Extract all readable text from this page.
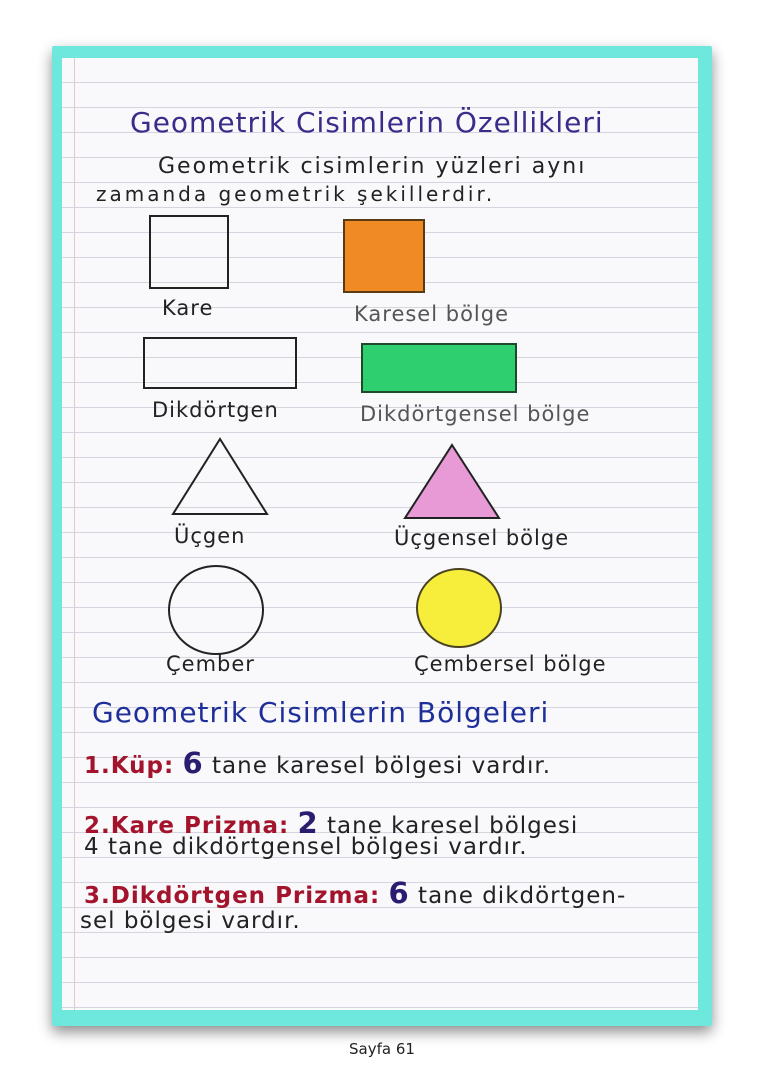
Geometrik Cisimlerin Özellikleri
Geometrik cisimlerin yüzleri aynı
zamanda geometrik şekillerdir.
Kare	Karesel bölge
Dikdörtgen	Dikdörtgensel bölge
Üçgen	Üçgensel bölge
Çember	Çembersel bölge
Geometrik Cisimlerin Bölgeleri
1.Küp: 6 tane karesel bölgesi vardır.
2.Kare Prizma: 2 tane karesel bölgesi
4 tane dikdörtgensel bölgesi vardır.
3.Dikdörtgen Prizma: 6 tane dikdörtgen-
sel bölgesi vardır.
Sayfa 61
